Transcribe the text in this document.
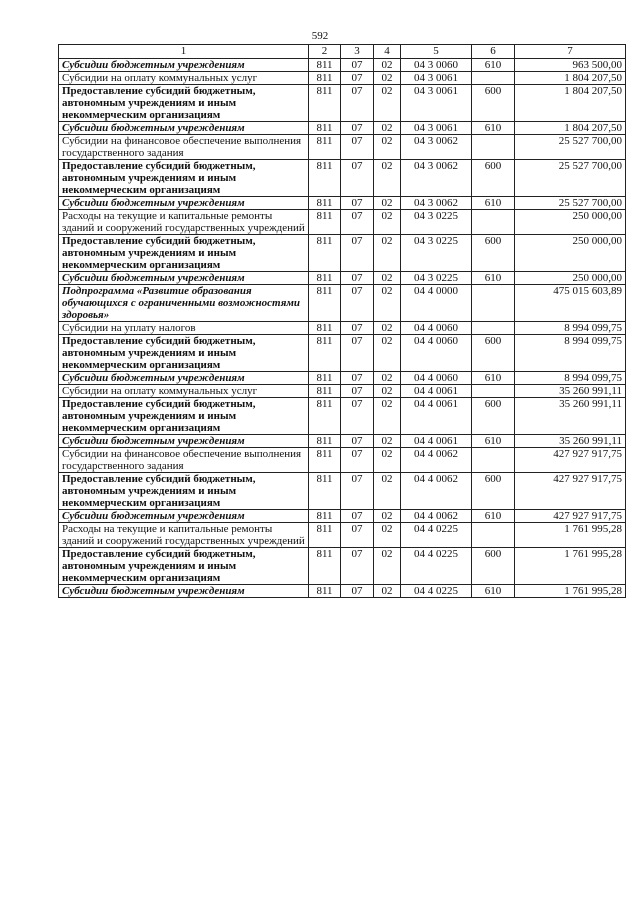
592
1	2	3	4	5	6	7
Субсидии бюджетным учреждениям	811	07	02	04 3 0060	610	963 500,00
Субсидии на оплату коммунальных услуг	811	07	02	04 3 0061		1 804 207,50
Предоставление субсидий бюджетным, автономным учреждениям и иным некоммерческим организациям	811	07	02	04 3 0061	600	1 804 207,50
Субсидии бюджетным учреждениям	811	07	02	04 3 0061	610	1 804 207,50
Субсидии на финансовое обеспечение выполнения государственного задания	811	07	02	04 3 0062		25 527 700,00
Предоставление субсидий бюджетным, автономным учреждениям и иным некоммерческим организациям	811	07	02	04 3 0062	600	25 527 700,00
Субсидии бюджетным учреждениям	811	07	02	04 3 0062	610	25 527 700,00
Расходы на текущие и капитальные ремонты зданий и сооружений государственных учреждений	811	07	02	04 3 0225		250 000,00
Предоставление субсидий бюджетным, автономным учреждениям и иным некоммерческим организациям	811	07	02	04 3 0225	600	250 000,00
Субсидии бюджетным учреждениям	811	07	02	04 3 0225	610	250 000,00
Подпрограмма «Развитие образования обучающихся с ограниченными возможностями здоровья»	811	07	02	04 4 0000		475 015 603,89
Субсидии на уплату налогов	811	07	02	04 4 0060		8 994 099,75
Предоставление субсидий бюджетным, автономным учреждениям и иным некоммерческим организациям	811	07	02	04 4 0060	600	8 994 099,75
Субсидии бюджетным учреждениям	811	07	02	04 4 0060	610	8 994 099,75
Субсидии на оплату коммунальных услуг	811	07	02	04 4 0061		35 260 991,11
Предоставление субсидий бюджетным, автономным учреждениям и иным некоммерческим организациям	811	07	02	04 4 0061	600	35 260 991,11
Субсидии бюджетным учреждениям	811	07	02	04 4 0061	610	35 260 991,11
Субсидии на финансовое обеспечение выполнения государственного задания	811	07	02	04 4 0062		427 927 917,75
Предоставление субсидий бюджетным, автономным учреждениям и иным некоммерческим организациям	811	07	02	04 4 0062	600	427 927 917,75
Субсидии бюджетным учреждениям	811	07	02	04 4 0062	610	427 927 917,75
Расходы на текущие и капитальные ремонты зданий и сооружений государственных учреждений	811	07	02	04 4 0225		1 761 995,28
Предоставление субсидий бюджетным, автономным учреждениям и иным некоммерческим организациям	811	07	02	04 4 0225	600	1 761 995,28
Субсидии бюджетным учреждениям	811	07	02	04 4 0225	610	1 761 995,28
